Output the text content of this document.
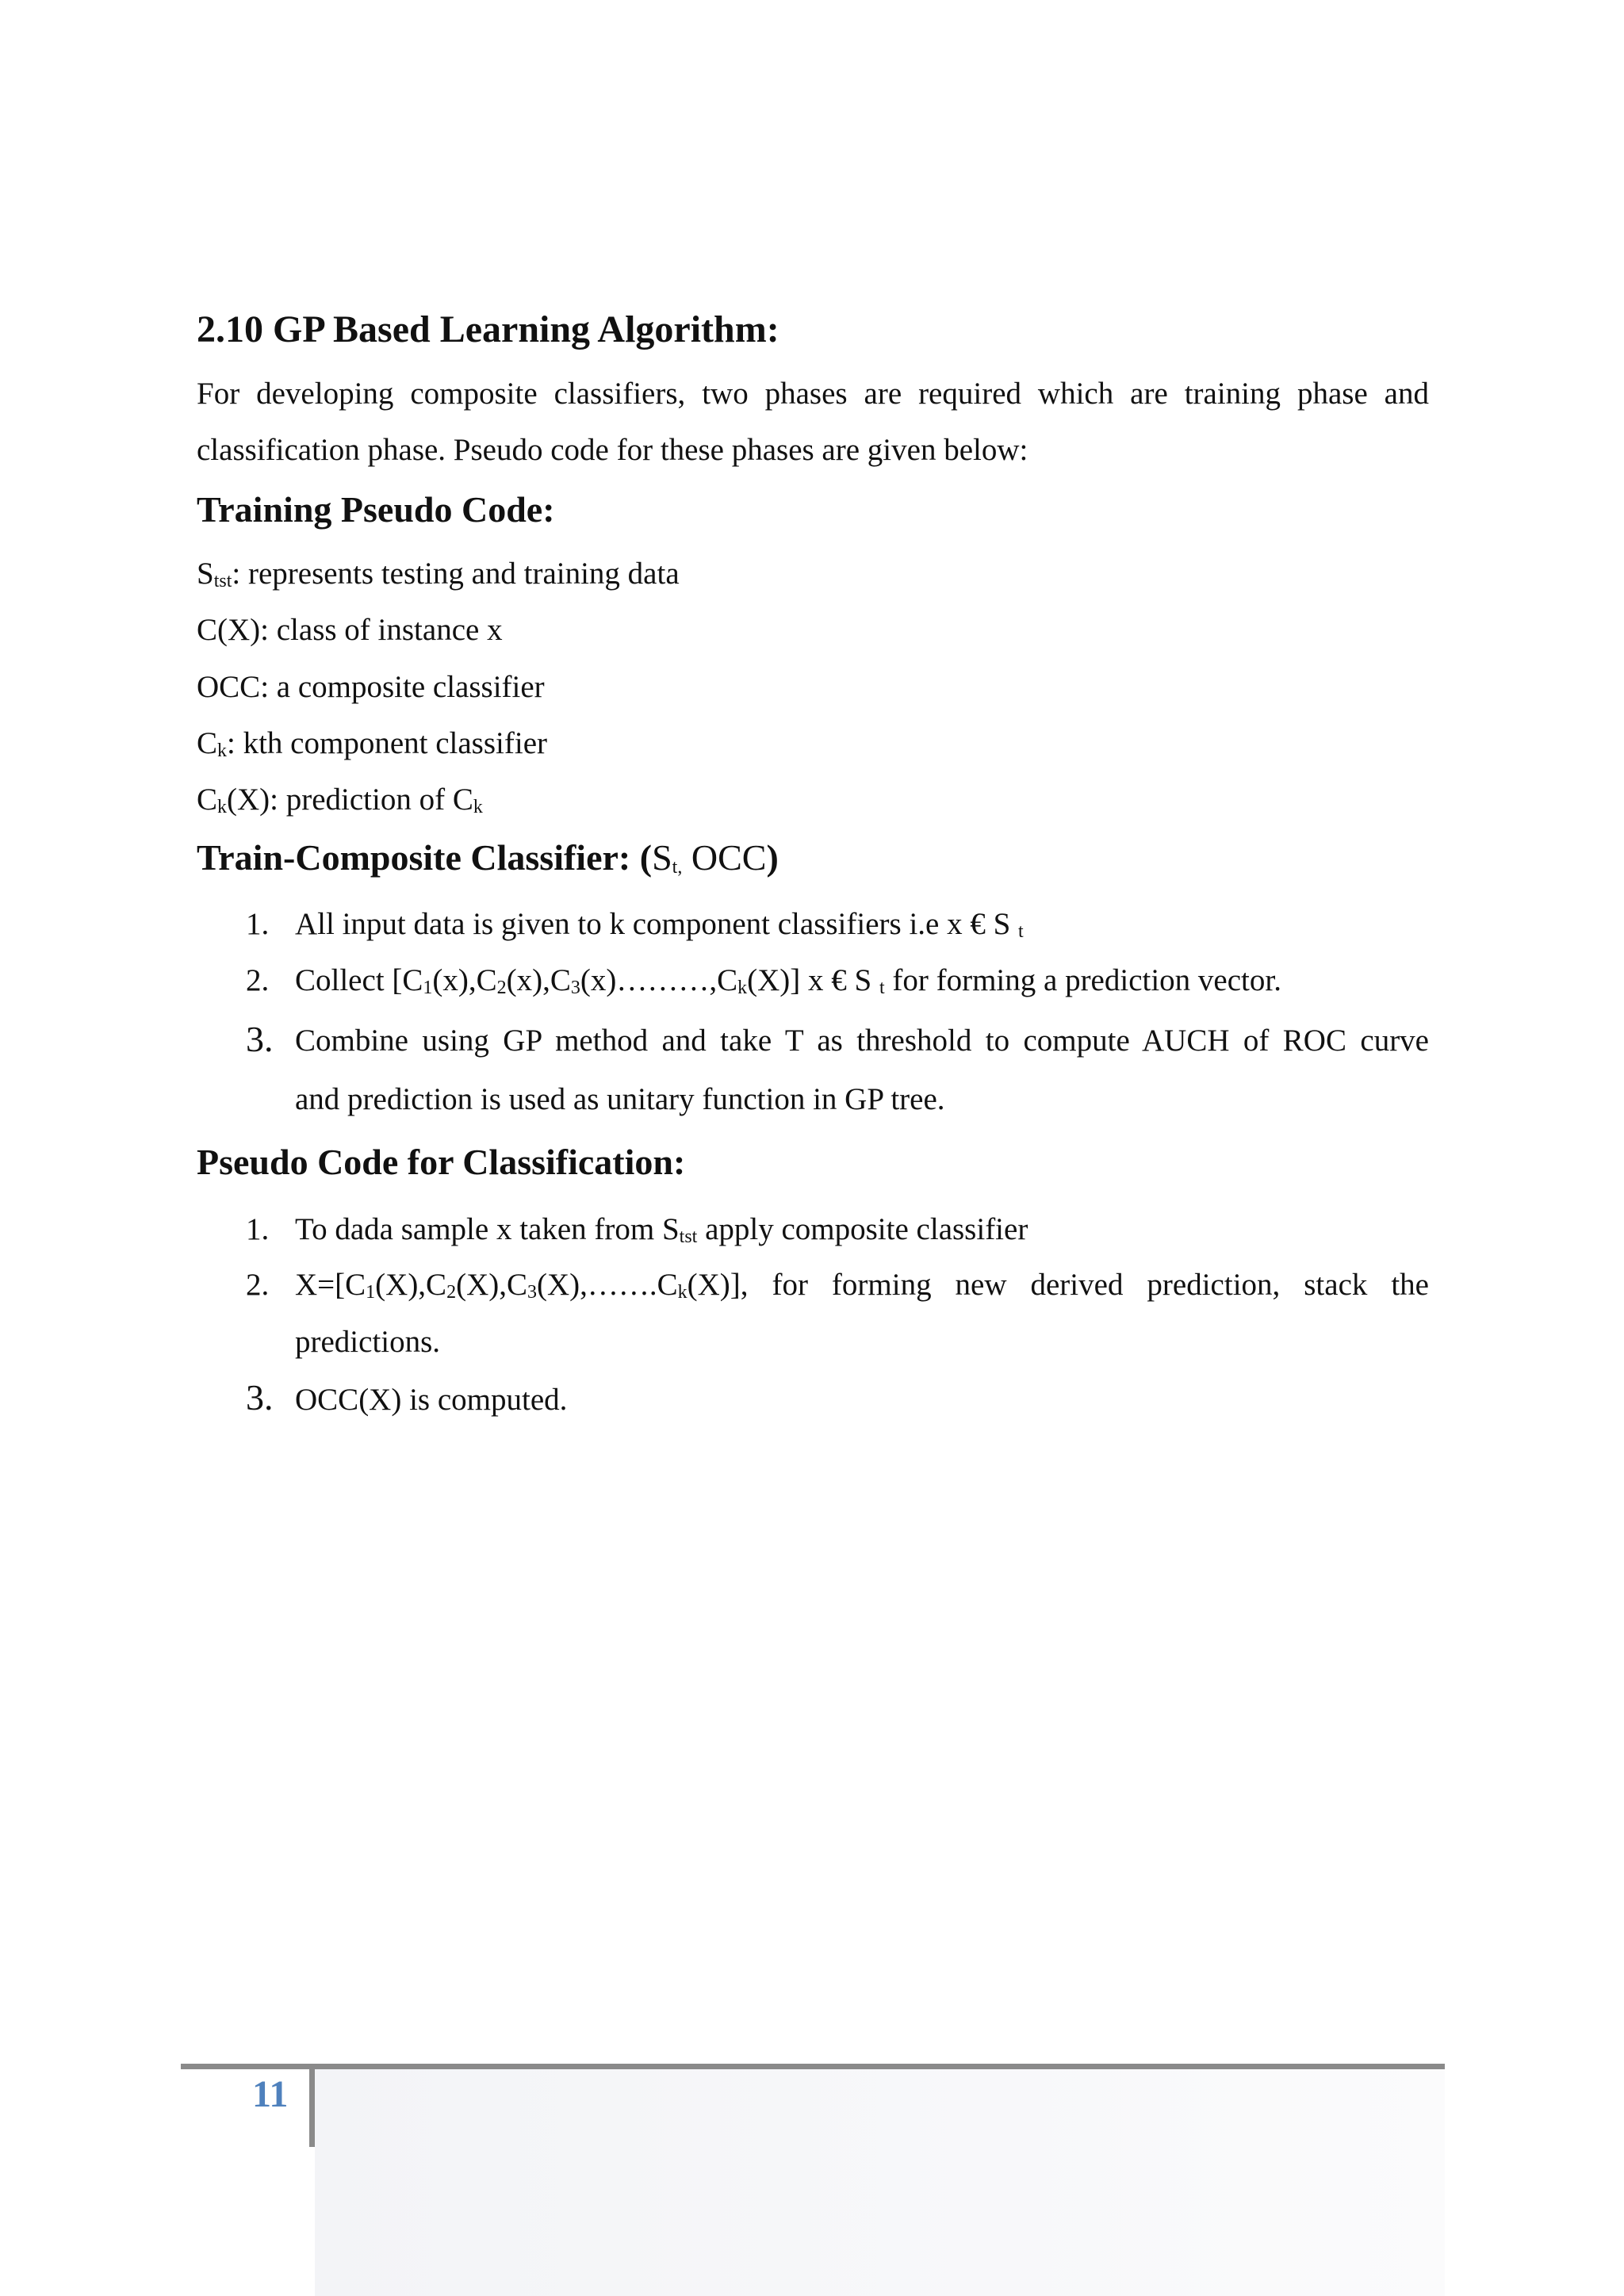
2.10 GP Based Learning Algorithm:
For developing composite classifiers, two phases are required which are training phase and
classification phase. Pseudo code for these phases are given below:
Training Pseudo Code:
$S_{tst}$: represents testing and training data
C(X): class of instance x
OCC: a composite classifier
$C_k$: kth component classifier
$C_k(X)$: prediction of $C_k$
Train-Composite Classifier: ($S_{t,}$ OCC)
1. All input data is given to k component classifiers i.e x € S $_t$
2. Collect $[C_1(x),C_2(x),C_3(x)\dots\dots\dots,C_k(X)]$ x € S $_t$ for forming a prediction vector.
3. Combine using GP method and take T as threshold to compute AUCH of ROC curve
and prediction is used as unitary function in GP tree.
Pseudo Code for Classification:
1. To dada sample x taken from $S_{tst}$ apply composite classifier
2. $X=[C_1(X),C_2(X),C_3(X),\dots\dots.C_k(X)]$, for forming new derived prediction, stack the
predictions.
3. OCC(X) is computed.
11
